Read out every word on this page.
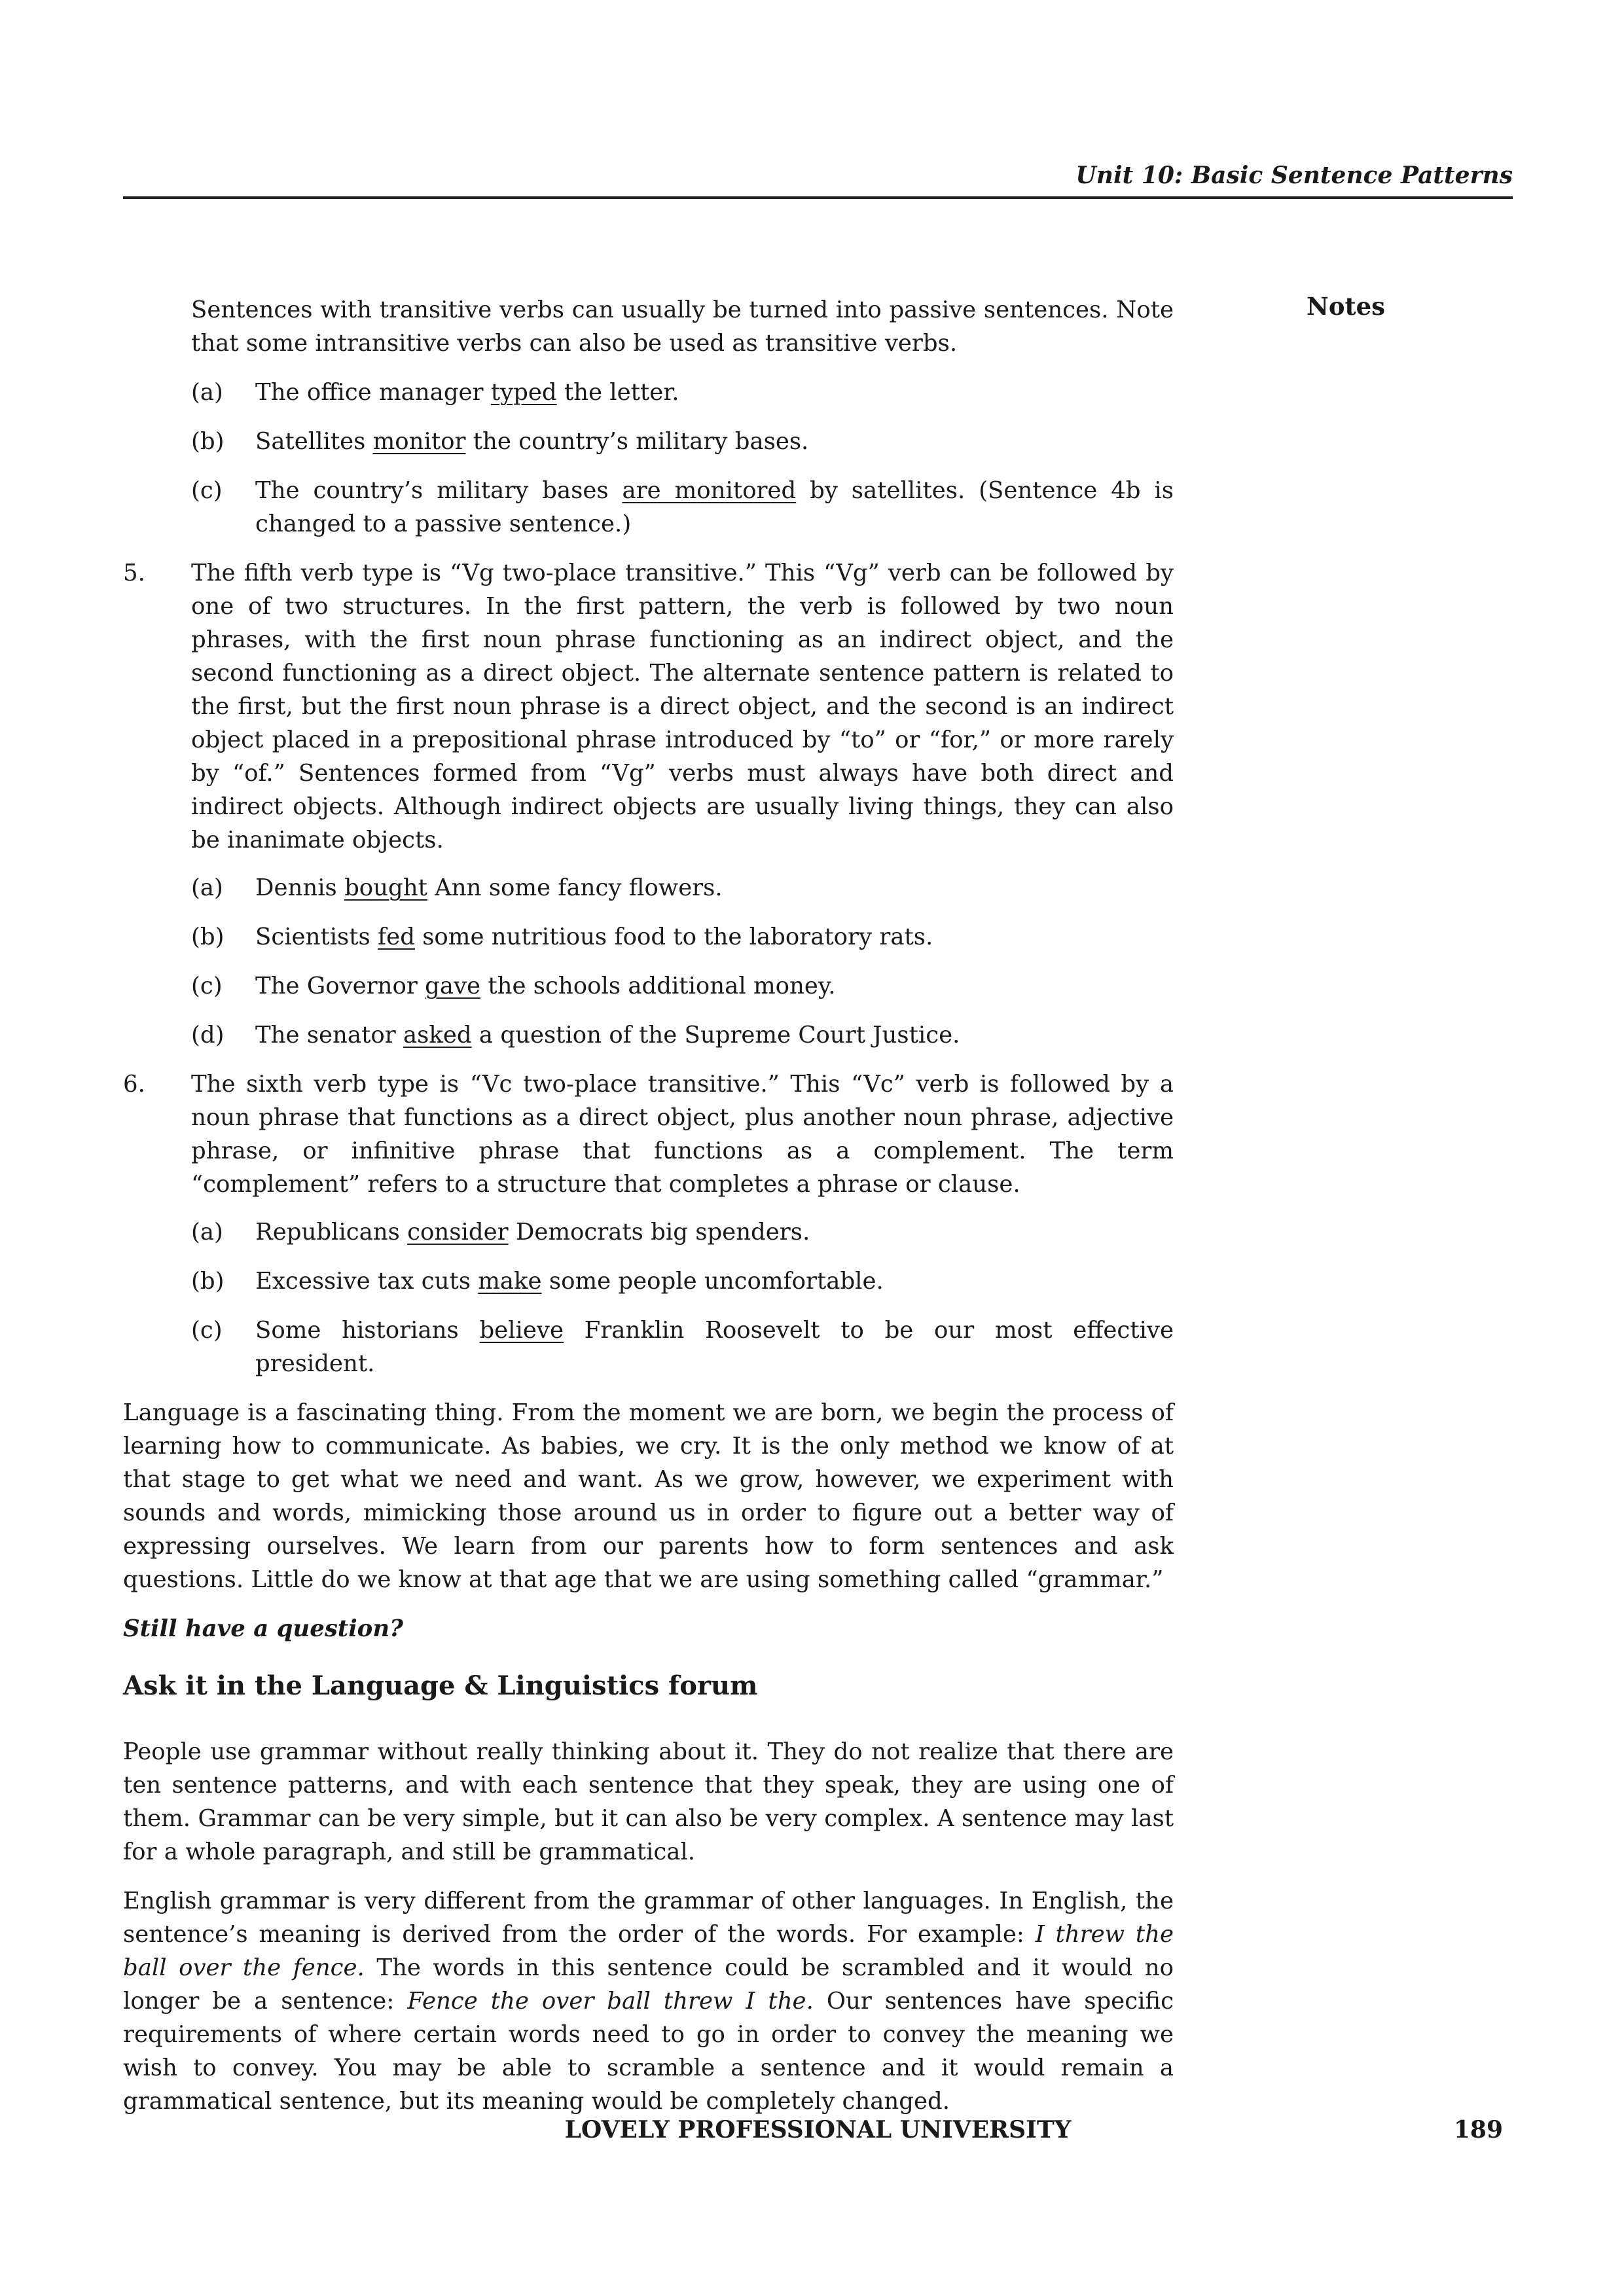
Unit 10: Basic Sentence Patterns
Notes

Sentences with transitive verbs can usually be turned into passive sentences. Note that some intransitive verbs can also be used as transitive verbs.

(a)	The office manager typed the letter.
(b)	Satellites monitor the country’s military bases.
(c)	The country’s military bases are monitored by satellites. (Sentence 4b is changed to a passive sentence.)
5.	The fifth verb type is “Vg two-place transitive.” This “Vg” verb can be followed by one of two structures. In the first pattern, the verb is followed by two noun phrases, with the first noun phrase functioning as an indirect object, and the second functioning as a direct object. The alternate sentence pattern is related to the first, but the first noun phrase is a direct object, and the second is an indirect object placed in a prepositional phrase introduced by “to” or “for,” or more rarely by “of.” Sentences formed from “Vg” verbs must always have both direct and indirect objects. Although indirect objects are usually living things, they can also be inanimate objects.
(a)	Dennis bought Ann some fancy flowers.
(b)	Scientists fed some nutritious food to the laboratory rats.
(c)	The Governor gave the schools additional money.
(d)	The senator asked a question of the Supreme Court Justice.
6.	The sixth verb type is “Vc two-place transitive.” This “Vc” verb is followed by a noun phrase that functions as a direct object, plus another noun phrase, adjective phrase, or infinitive phrase that functions as a complement. The term “complement” refers to a structure that completes a phrase or clause.
(a)	Republicans consider Democrats big spenders.
(b)	Excessive tax cuts make some people uncomfortable.
(c)	Some historians believe Franklin Roosevelt to be our most effective president.

Language is a fascinating thing. From the moment we are born, we begin the process of learning how to communicate. As babies, we cry. It is the only method we know of at that stage to get what we need and want. As we grow, however, we experiment with sounds and words, mimicking those around us in order to figure out a better way of expressing ourselves. We learn from our parents how to form sentences and ask questions. Little do we know at that age that we are using something called “grammar.”

Still have a question?

Ask it in the Language & Linguistics forum

People use grammar without really thinking about it. They do not realize that there are ten sentence patterns, and with each sentence that they speak, they are using one of them. Grammar can be very simple, but it can also be very complex. A sentence may last for a whole paragraph, and still be grammatical.

English grammar is very different from the grammar of other languages. In English, the sentence’s meaning is derived from the order of the words. For example: I threw the ball over the fence. The words in this sentence could be scrambled and it would no longer be a sentence: Fence the over ball threw I the. Our sentences have specific requirements of where certain words need to go in order to convey the meaning we wish to convey. You may be able to scramble a sentence and it would remain a grammatical sentence, but its meaning would be completely changed.

LOVELY PROFESSIONAL UNIVERSITY	189
